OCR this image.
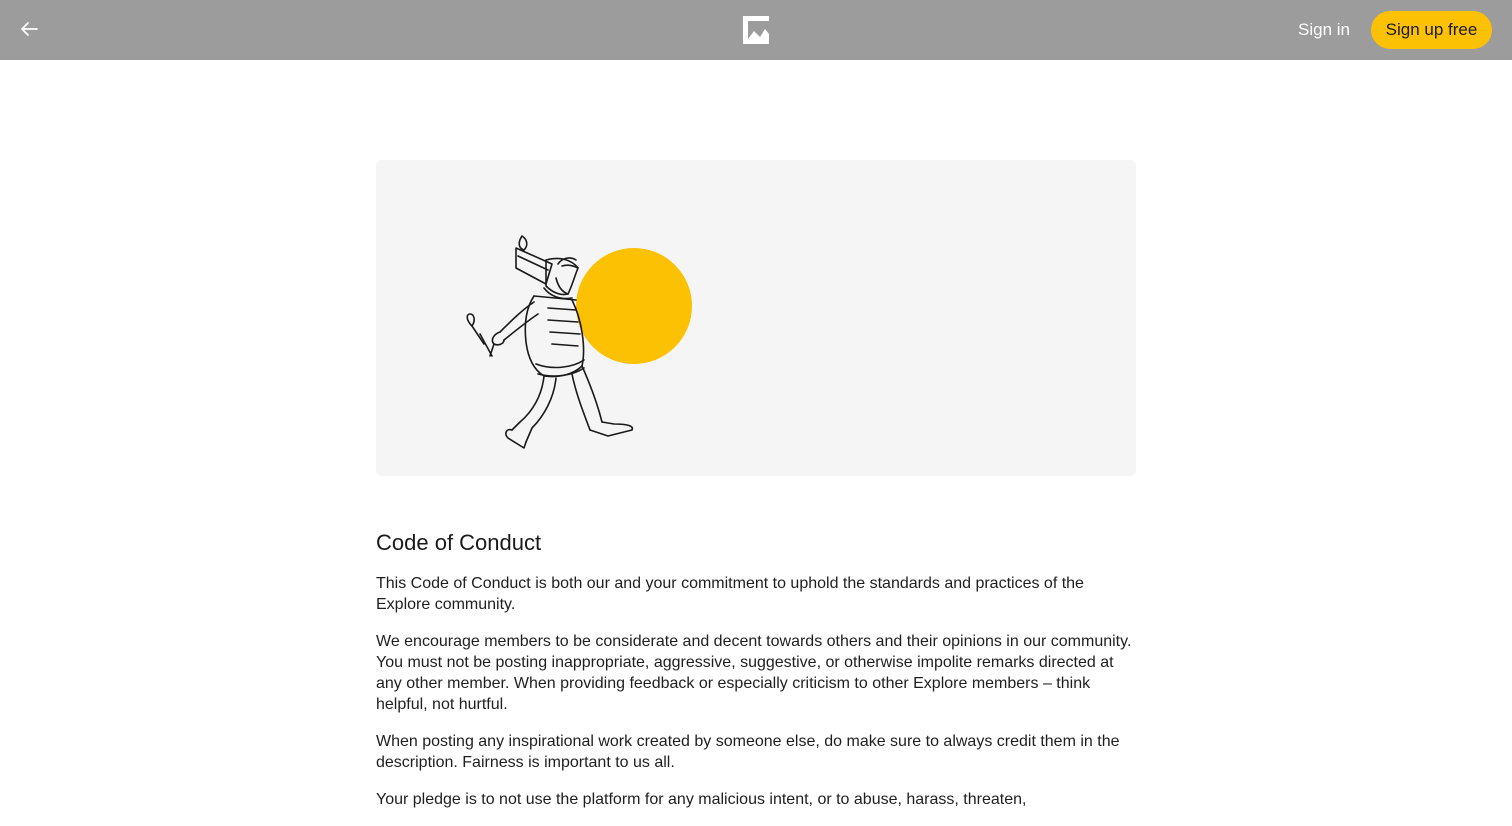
Sign in	Sign up free
Code of Conduct

This Code of Conduct is both our and your commitment to uphold the standards and practices of the Explore community.

We encourage members to be considerate and decent towards others and their opinions in our community. You must not be posting inappropriate, aggressive, suggestive, or otherwise impolite remarks directed at any other member. When providing feedback or especially criticism to other Explore members – think helpful, not hurtful.

When posting any inspirational work created by someone else, do make sure to always credit them in the description. Fairness is important to us all.

Your pledge is to not use the platform for any malicious intent, or to abuse, harass, threaten,
